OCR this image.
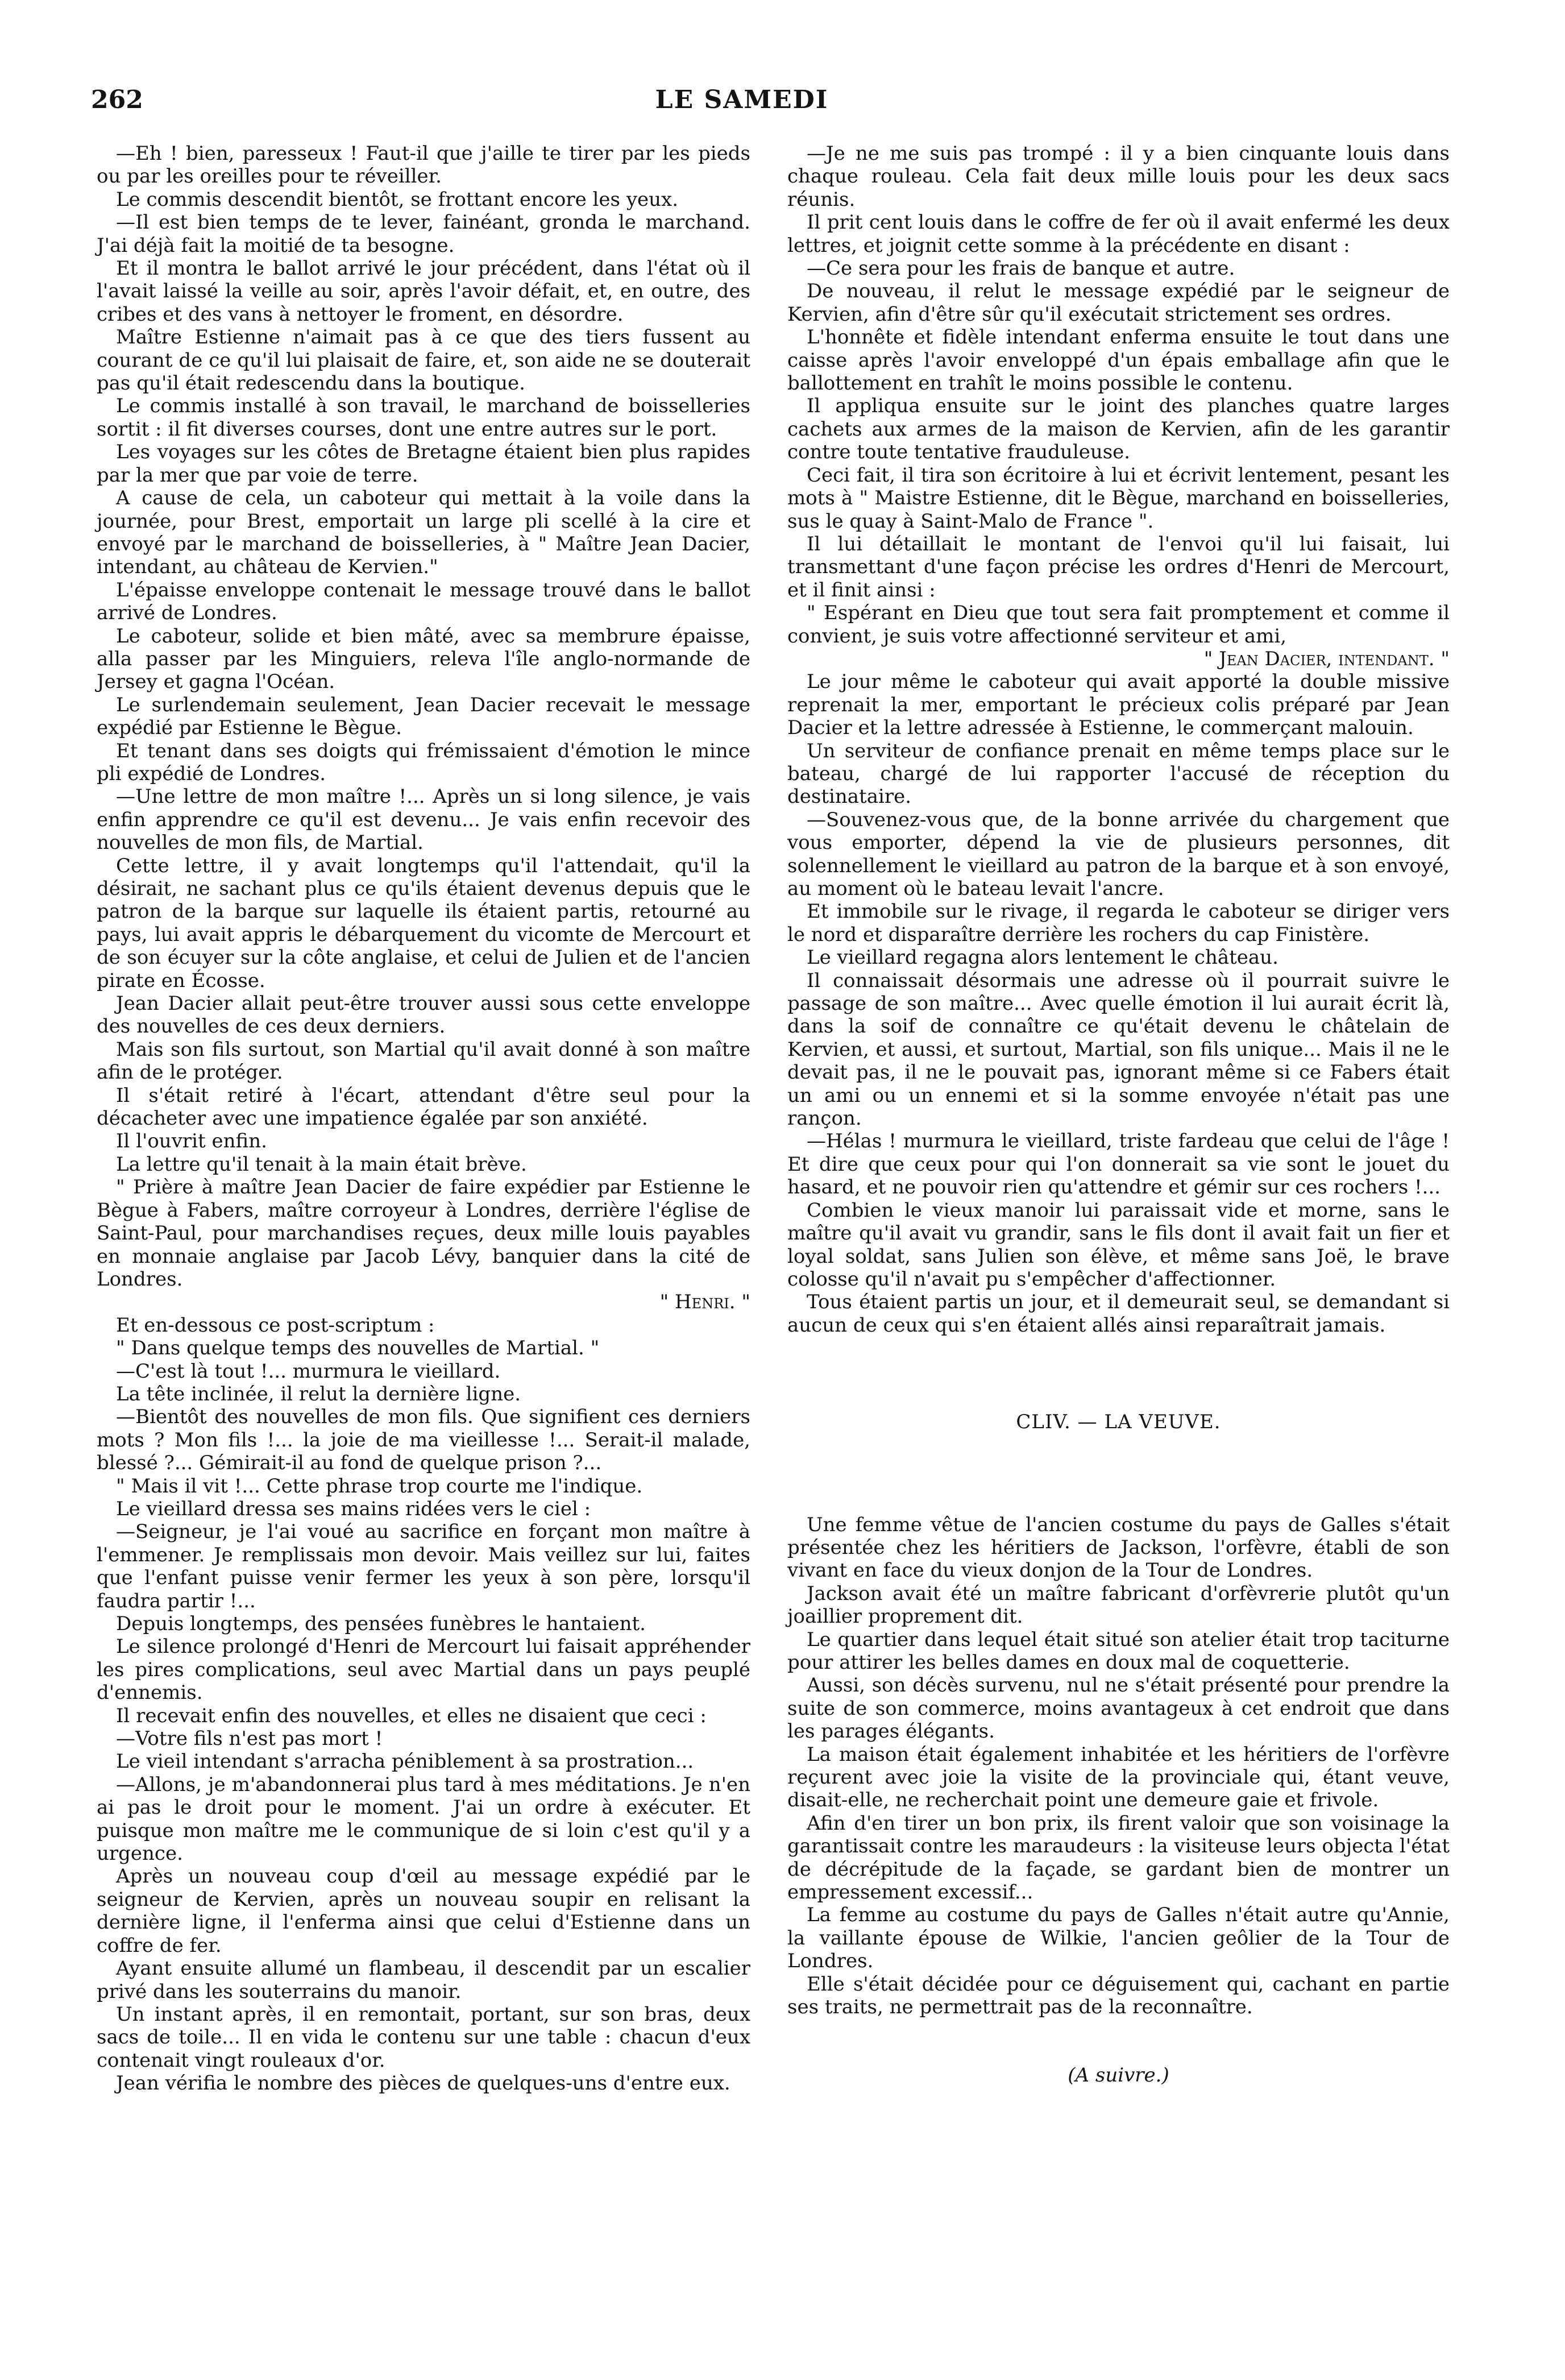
262	LE SAMEDI

—Eh ! bien, paresseux ! Faut-il que j'aille te tirer par les pieds ou par les oreilles pour te réveiller.

Le commis descendit bientôt, se frottant encore les yeux.

—Il est bien temps de te lever, fainéant, gronda le marchand. J'ai déjà fait la moitié de ta besogne.

Et il montra le ballot arrivé le jour précédent, dans l'état où il l'avait laissé la veille au soir, après l'avoir défait, et, en outre, des cribes et des vans à nettoyer le froment, en désordre.

Maître Estienne n'aimait pas à ce que des tiers fussent au courant de ce qu'il lui plaisait de faire, et, son aide ne se douterait pas qu'il était redescendu dans la boutique.

Le commis installé à son travail, le marchand de boisselleries sortit : il fit diverses courses, dont une entre autres sur le port.

Les voyages sur les côtes de Bretagne étaient bien plus rapides par la mer que par voie de terre.

A cause de cela, un caboteur qui mettait à la voile dans la journée, pour Brest, emportait un large pli scellé à la cire et envoyé par le marchand de boisselleries, à " Maître Jean Dacier, intendant, au château de Kervien."

L'épaisse enveloppe contenait le message trouvé dans le ballot arrivé de Londres.

Le caboteur, solide et bien mâté, avec sa membrure épaisse, alla passer par les Minguiers, releva l'île anglo-normande de Jersey et gagna l'Océan.

Le surlendemain seulement, Jean Dacier recevait le message expédié par Estienne le Bègue.

Et tenant dans ses doigts qui frémissaient d'émotion le mince pli expédié de Londres.

—Une lettre de mon maître !... Après un si long silence, je vais enfin apprendre ce qu'il est devenu... Je vais enfin recevoir des nouvelles de mon fils, de Martial.

Cette lettre, il y avait longtemps qu'il l'attendait, qu'il la désirait, ne sachant plus ce qu'ils étaient devenus depuis que le patron de la barque sur laquelle ils étaient partis, retourné au pays, lui avait appris le débarquement du vicomte de Mercourt et de son écuyer sur la côte anglaise, et celui de Julien et de l'ancien pirate en Écosse.

Jean Dacier allait peut-être trouver aussi sous cette enveloppe des nouvelles de ces deux derniers.

Mais son fils surtout, son Martial qu'il avait donné à son maître afin de le protéger.

Il s'était retiré à l'écart, attendant d'être seul pour la décacheter avec une impatience égalée par son anxiété.

Il l'ouvrit enfin.

La lettre qu'il tenait à la main était brève.

" Prière à maître Jean Dacier de faire expédier par Estienne le Bègue à Fabers, maître corroyeur à Londres, derrière l'église de Saint-Paul, pour marchandises reçues, deux mille louis payables en monnaie anglaise par Jacob Lévy, banquier dans la cité de Londres.

" Henri. "

Et en-dessous ce post-scriptum :

" Dans quelque temps des nouvelles de Martial. "

—C'est là tout !... murmura le vieillard.

La tête inclinée, il relut la dernière ligne.

—Bientôt des nouvelles de mon fils. Que signifient ces derniers mots ? Mon fils !... la joie de ma vieillesse !... Serait-il malade, blessé ?... Gémirait-il au fond de quelque prison ?...

" Mais il vit !... Cette phrase trop courte me l'indique.

Le vieillard dressa ses mains ridées vers le ciel :

—Seigneur, je l'ai voué au sacrifice en forçant mon maître à l'emmener. Je remplissais mon devoir. Mais veillez sur lui, faites que l'enfant puisse venir fermer les yeux à son père, lorsqu'il faudra partir !...

Depuis longtemps, des pensées funèbres le hantaient.

Le silence prolongé d'Henri de Mercourt lui faisait appréhender les pires complications, seul avec Martial dans un pays peuplé d'ennemis.

Il recevait enfin des nouvelles, et elles ne disaient que ceci :

—Votre fils n'est pas mort !

Le vieil intendant s'arracha péniblement à sa prostration...

—Allons, je m'abandonnerai plus tard à mes méditations. Je n'en ai pas le droit pour le moment. J'ai un ordre à exécuter. Et puisque mon maître me le communique de si loin c'est qu'il y a urgence.

Après un nouveau coup d'œil au message expédié par le seigneur de Kervien, après un nouveau soupir en relisant la dernière ligne, il l'enferma ainsi que celui d'Estienne dans un coffre de fer.

Ayant ensuite allumé un flambeau, il descendit par un escalier privé dans les souterrains du manoir.

Un instant après, il en remontait, portant, sur son bras, deux sacs de toile... Il en vida le contenu sur une table : chacun d'eux contenait vingt rouleaux d'or.

Jean vérifia le nombre des pièces de quelques-uns d'entre eux.

—Je ne me suis pas trompé : il y a bien cinquante louis dans chaque rouleau. Cela fait deux mille louis pour les deux sacs réunis.

Il prit cent louis dans le coffre de fer où il avait enfermé les deux lettres, et joignit cette somme à la précédente en disant :

—Ce sera pour les frais de banque et autre.

De nouveau, il relut le message expédié par le seigneur de Kervien, afin d'être sûr qu'il exécutait strictement ses ordres.

L'honnête et fidèle intendant enferma ensuite le tout dans une caisse après l'avoir enveloppé d'un épais emballage afin que le ballottement en trahît le moins possible le contenu.

Il appliqua ensuite sur le joint des planches quatre larges cachets aux armes de la maison de Kervien, afin de les garantir contre toute tentative frauduleuse.

Ceci fait, il tira son écritoire à lui et écrivit lentement, pesant les mots à " Maistre Estienne, dit le Bègue, marchand en boisselleries, sus le quay à Saint-Malo de France ".

Il lui détaillait le montant de l'envoi qu'il lui faisait, lui transmettant d'une façon précise les ordres d'Henri de Mercourt, et il finit ainsi :

" Espérant en Dieu que tout sera fait promptement et comme il convient, je suis votre affectionné serviteur et ami,

" Jean Dacier, intendant. "

Le jour même le caboteur qui avait apporté la double missive reprenait la mer, emportant le précieux colis préparé par Jean Dacier et la lettre adressée à Estienne, le commerçant malouin.

Un serviteur de confiance prenait en même temps place sur le bateau, chargé de lui rapporter l'accusé de réception du destinataire.

—Souvenez-vous que, de la bonne arrivée du chargement que vous emporter, dépend la vie de plusieurs personnes, dit solennellement le vieillard au patron de la barque et à son envoyé, au moment où le bateau levait l'ancre.

Et immobile sur le rivage, il regarda le caboteur se diriger vers le nord et disparaître derrière les rochers du cap Finistère.

Le vieillard regagna alors lentement le château.

Il connaissait désormais une adresse où il pourrait suivre le passage de son maître... Avec quelle émotion il lui aurait écrit là, dans la soif de connaître ce qu'était devenu le châtelain de Kervien, et aussi, et surtout, Martial, son fils unique... Mais il ne le devait pas, il ne le pouvait pas, ignorant même si ce Fabers était un ami ou un ennemi et si la somme envoyée n'était pas une rançon.

—Hélas ! murmura le vieillard, triste fardeau que celui de l'âge ! Et dire que ceux pour qui l'on donnerait sa vie sont le jouet du hasard, et ne pouvoir rien qu'attendre et gémir sur ces rochers !...

Combien le vieux manoir lui paraissait vide et morne, sans le maître qu'il avait vu grandir, sans le fils dont il avait fait un fier et loyal soldat, sans Julien son élève, et même sans Joë, le brave colosse qu'il n'avait pu s'empêcher d'affectionner.

Tous étaient partis un jour, et il demeurait seul, se demandant si aucun de ceux qui s'en étaient allés ainsi reparaîtrait jamais.

CLIV. — LA VEUVE.

Une femme vêtue de l'ancien costume du pays de Galles s'était présentée chez les héritiers de Jackson, l'orfèvre, établi de son vivant en face du vieux donjon de la Tour de Londres.

Jackson avait été un maître fabricant d'orfèvrerie plutôt qu'un joaillier proprement dit.

Le quartier dans lequel était situé son atelier était trop taciturne pour attirer les belles dames en doux mal de coquetterie.

Aussi, son décès survenu, nul ne s'était présenté pour prendre la suite de son commerce, moins avantageux à cet endroit que dans les parages élégants.

La maison était également inhabitée et les héritiers de l'orfèvre reçurent avec joie la visite de la provinciale qui, étant veuve, disait-elle, ne recherchait point une demeure gaie et frivole.

Afin d'en tirer un bon prix, ils firent valoir que son voisinage la garantissait contre les maraudeurs : la visiteuse leurs objecta l'état de décrépitude de la façade, se gardant bien de montrer un empressement excessif...

La femme au costume du pays de Galles n'était autre qu'Annie, la vaillante épouse de Wilkie, l'ancien geôlier de la Tour de Londres.

Elle s'était décidée pour ce déguisement qui, cachant en partie ses traits, ne permettrait pas de la reconnaître.

(A suivre.)
